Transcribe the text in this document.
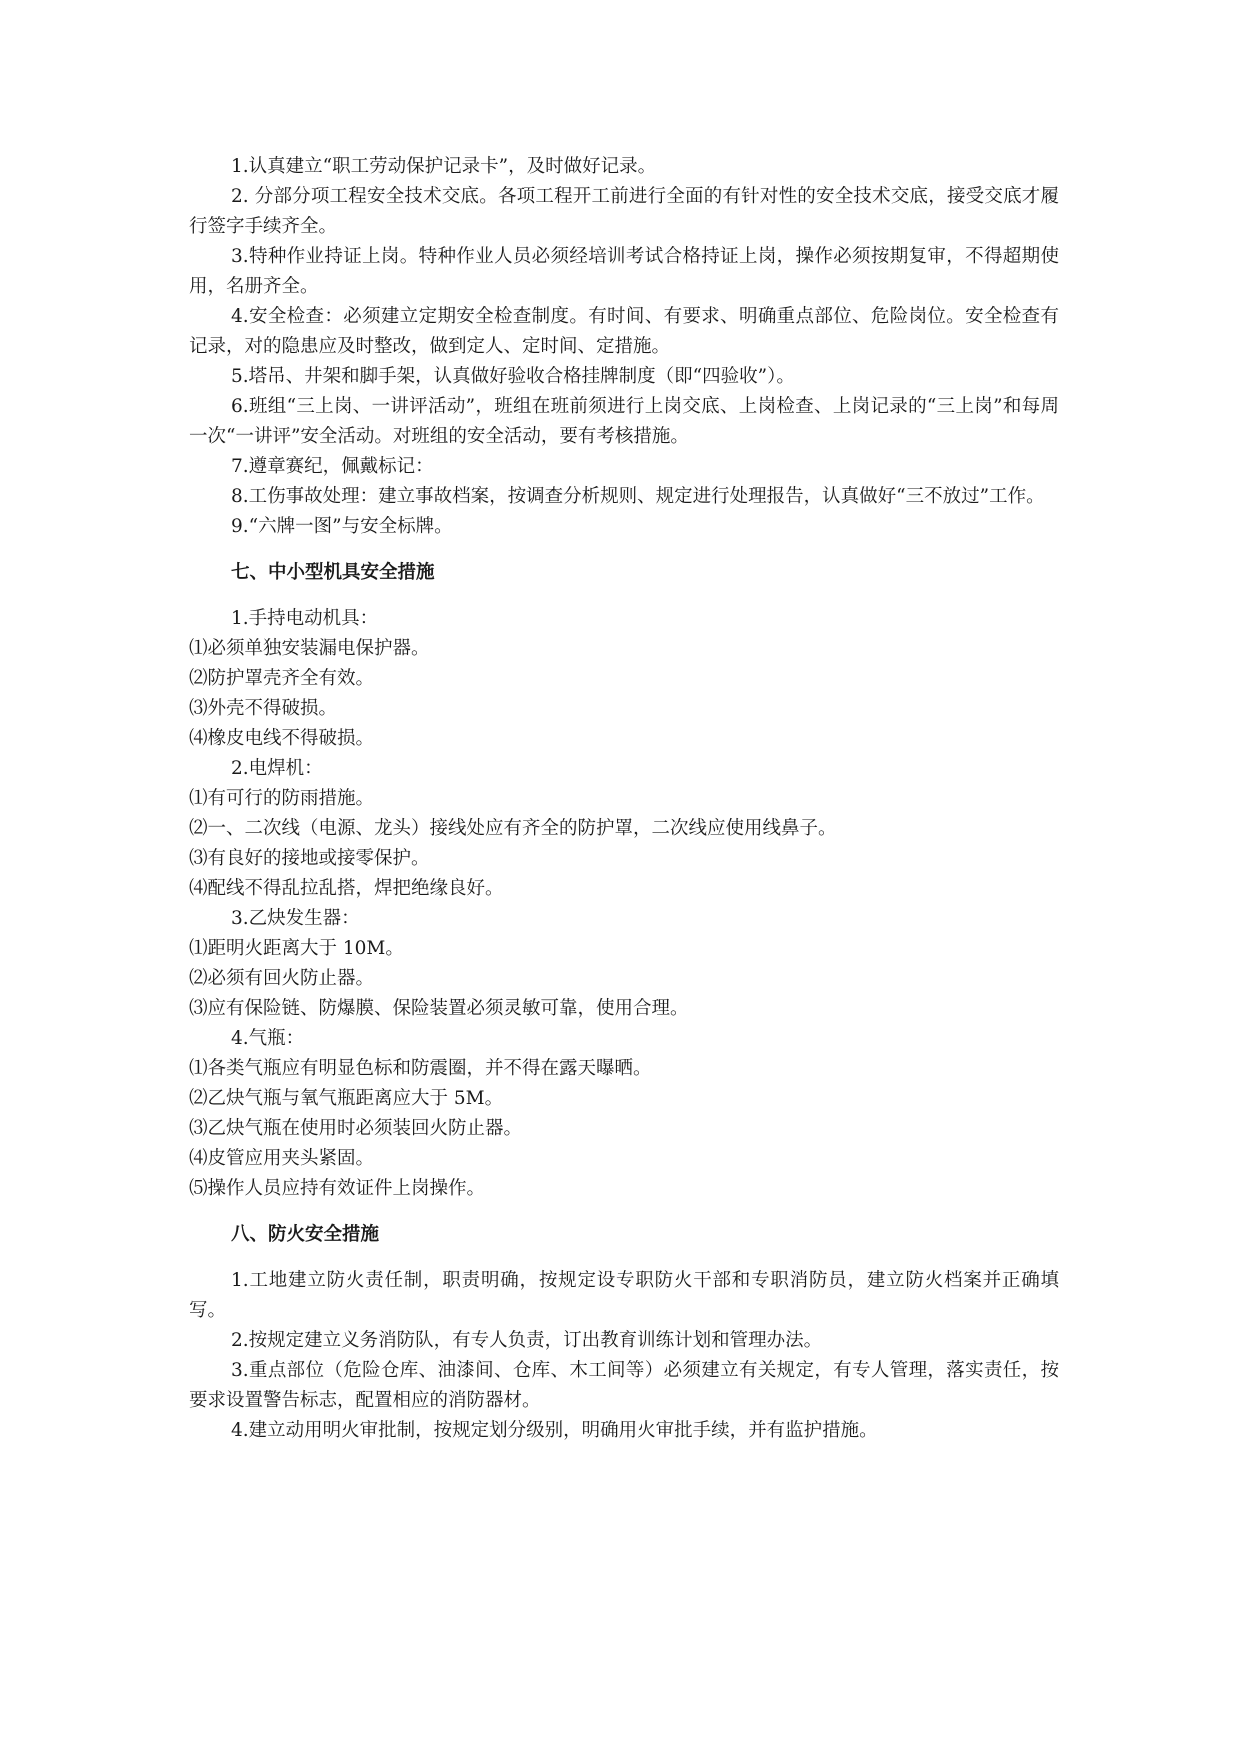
1.认真建立“职工劳动保护记录卡”，及时做好记录。

2. 分部分项工程安全技术交底。各项工程开工前进行全面的有针对性的安全技术交底，接受交底才履行签字手续齐全。

3.特种作业持证上岗。特种作业人员必须经培训考试合格持证上岗，操作必须按期复审，不得超期使用，名册齐全。

4.安全检查：必须建立定期安全检查制度。有时间、有要求、明确重点部位、危险岗位。安全检查有记录，对的隐患应及时整改，做到定人、定时间、定措施。

5.塔吊、井架和脚手架，认真做好验收合格挂牌制度（即“四验收”）。

6.班组“三上岗、一讲评活动”，班组在班前须进行上岗交底、上岗检查、上岗记录的“三上岗”和每周一次“一讲评”安全活动。对班组的安全活动，要有考核措施。

7.遵章赛纪，佩戴标记：

8.工伤事故处理：建立事故档案，按调查分析规则、规定进行处理报告，认真做好“三不放过”工作。

9.“六牌一图”与安全标牌。

七、中小型机具安全措施

1.手持电动机具：

⑴必须单独安装漏电保护器。

⑵防护罩壳齐全有效。

⑶外壳不得破损。

⑷橡皮电线不得破损。

2.电焊机：

⑴有可行的防雨措施。

⑵一、二次线（电源、龙头）接线处应有齐全的防护罩，二次线应使用线鼻子。

⑶有良好的接地或接零保护。

⑷配线不得乱拉乱搭，焊把绝缘良好。

3.乙炔发生器：

⑴距明火距离大于 10M。

⑵必须有回火防止器。

⑶应有保险链、防爆膜、保险装置必须灵敏可靠，使用合理。

4.气瓶：

⑴各类气瓶应有明显色标和防震圈，并不得在露天曝晒。

⑵乙炔气瓶与氧气瓶距离应大于 5M。

⑶乙炔气瓶在使用时必须装回火防止器。

⑷皮管应用夹头紧固。

⑸操作人员应持有效证件上岗操作。

八、防火安全措施

1.工地建立防火责任制，职责明确，按规定设专职防火干部和专职消防员，建立防火档案并正确填写。

2.按规定建立义务消防队，有专人负责，订出教育训练计划和管理办法。

3.重点部位（危险仓库、油漆间、仓库、木工间等）必须建立有关规定，有专人管理，落实责任，按要求设置警告标志，配置相应的消防器材。

4.建立动用明火审批制，按规定划分级别，明确用火审批手续，并有监护措施。
